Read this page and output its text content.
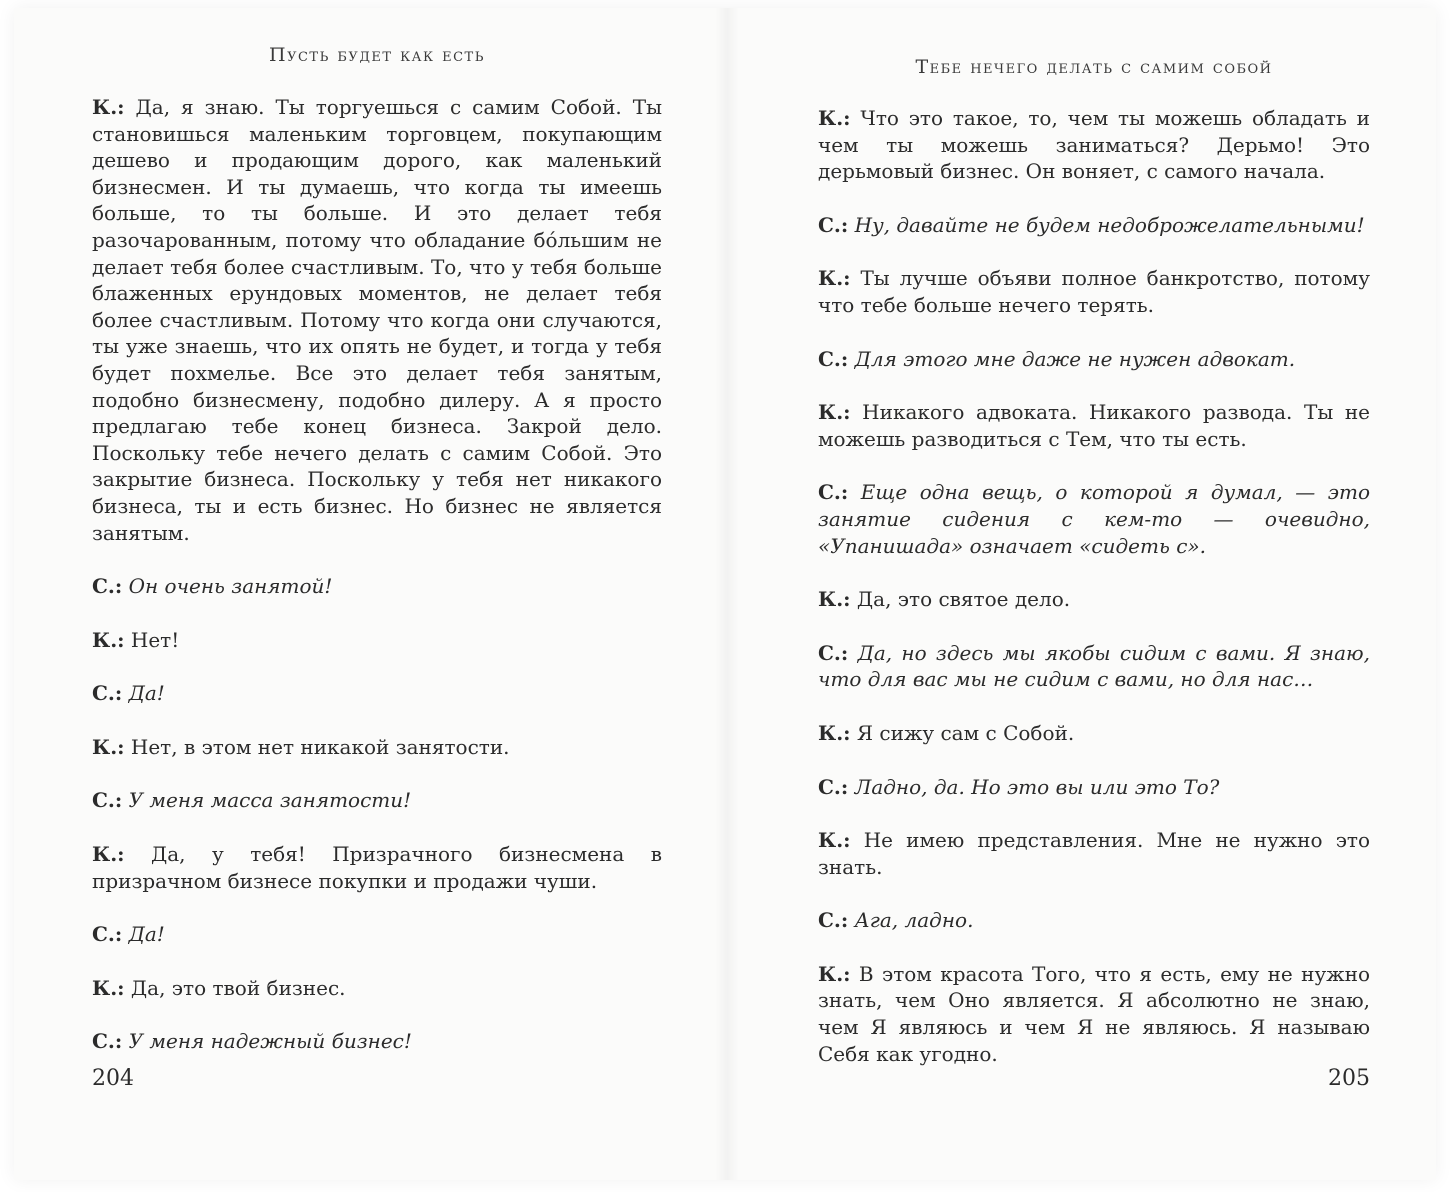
Пусть будет как есть

К.: Да, я знаю. Ты торгуешься с самим Собой. Ты становишься маленьким торговцем, покупающим дешево и продающим дорого, как маленький бизнесмен. И ты думаешь, что когда ты имеешь больше, то ты больше. И это делает тебя разочарованным, потому что обладание бóльшим не делает тебя более счастливым. То, что у тебя больше блаженных ерундовых моментов, не делает тебя более счастливым. Потому что когда они случаются, ты уже знаешь, что их опять не будет, и тогда у тебя будет похмелье. Все это делает тебя занятым, подобно бизнесмену, подобно дилеру. А я просто предлагаю тебе конец бизнеса. Закрой дело. Поскольку тебе нечего делать с самим Собой. Это закрытие бизнеса. Поскольку у тебя нет никакого бизнеса, ты и есть бизнес. Но бизнес не является занятым.

С.: Он очень занятой!

К.: Нет!

С.: Да!

К.: Нет, в этом нет никакой занятости.

С.: У меня масса занятости!

К.: Да, у тебя! Призрачного бизнесмена в призрачном бизнесе покупки и продажи чуши.

С.: Да!

К.: Да, это твой бизнес.

С.: У меня надежный бизнес!

204
Тебе нечего делать с самим собой

К.: Что это такое, то, чем ты можешь обладать и чем ты можешь заниматься? Дерьмо! Это дерьмовый бизнес. Он воняет, с самого начала.

С.: Ну, давайте не будем недоброжелательными!

К.: Ты лучше объяви полное банкротство, потому что тебе больше нечего терять.

С.: Для этого мне даже не нужен адвокат.

К.: Никакого адвоката. Никакого развода. Ты не можешь разводиться с Тем, что ты есть.

С.: Еще одна вещь, о которой я думал, — это занятие сидения с кем-то — очевидно, «Упанишада» означает «сидеть с».

К.: Да, это святое дело.

С.: Да, но здесь мы якобы сидим с вами. Я знаю, что для вас мы не сидим с вами, но для нас…

К.: Я сижу сам с Собой.

С.: Ладно, да. Но это вы или это То?

К.: Не имею представления. Мне не нужно это знать.

С.: Ага, ладно.

К.: В этом красота Того, что я есть, ему не нужно знать, чем Оно является. Я абсолютно не знаю, чем Я являюсь и чем Я не являюсь. Я называю Себя как угодно.

205
